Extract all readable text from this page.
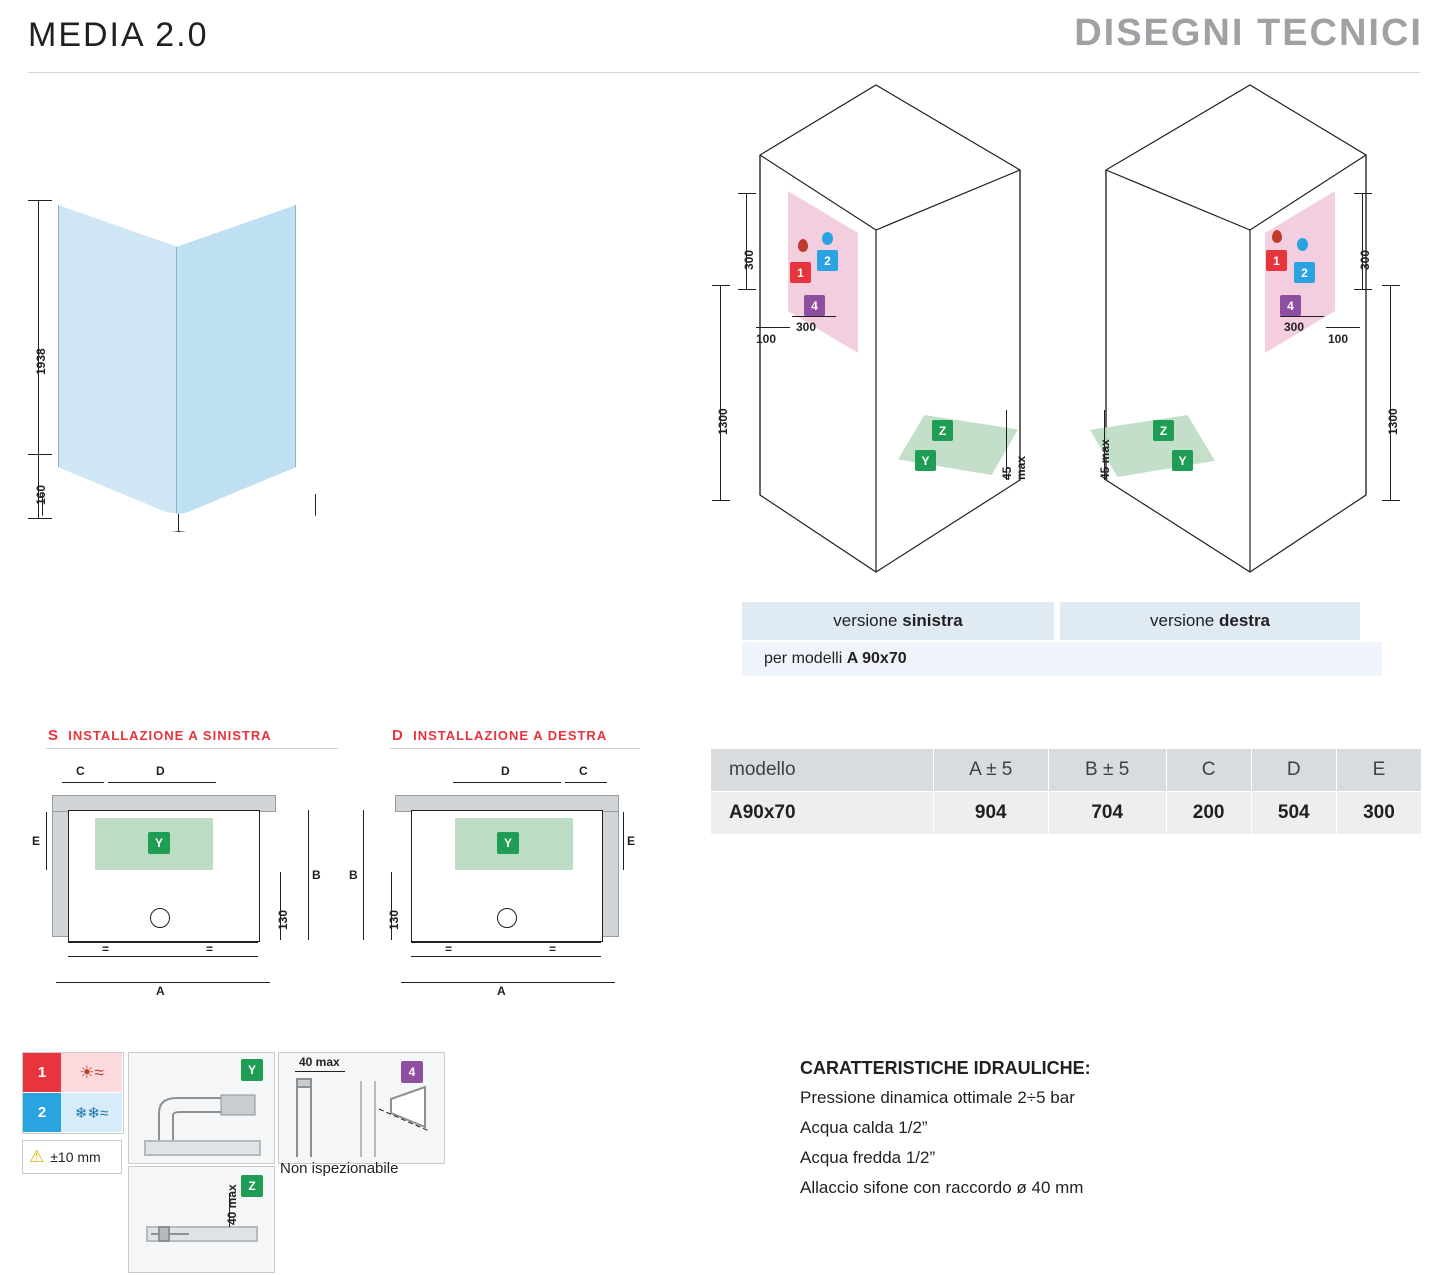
MEDIA 2.0	DISEGNI TECNICI
1938
160
1
2
4
Z
Y
300
1300
100
300
45 max
1
2
4
Z
Y
300
1300
100
300
45 max
versione
sinistra	versione
destra
per modelli
A 90x70
S INSTALLAZIONE A SINISTRA
Y
C	D
E
B
130
=	=
A
D INSTALLAZIONE A DESTRA
Y
D	C
E
B
130
=	=
A
modello	A ± 5	B ± 5	C	D	E
A90x70	904	704	200	504	300
1
2
☀≈
❄❄≈
⚠ ±10 mm
Y
Z
40 max
4
40 max
Non ispezionabile
CARATTERISTICHE IDRAULICHE:
Pressione dinamica ottimale 2÷5 bar
Acqua calda 1/2”
Acqua fredda 1/2”
Allaccio sifone con raccordo ø 40 mm
